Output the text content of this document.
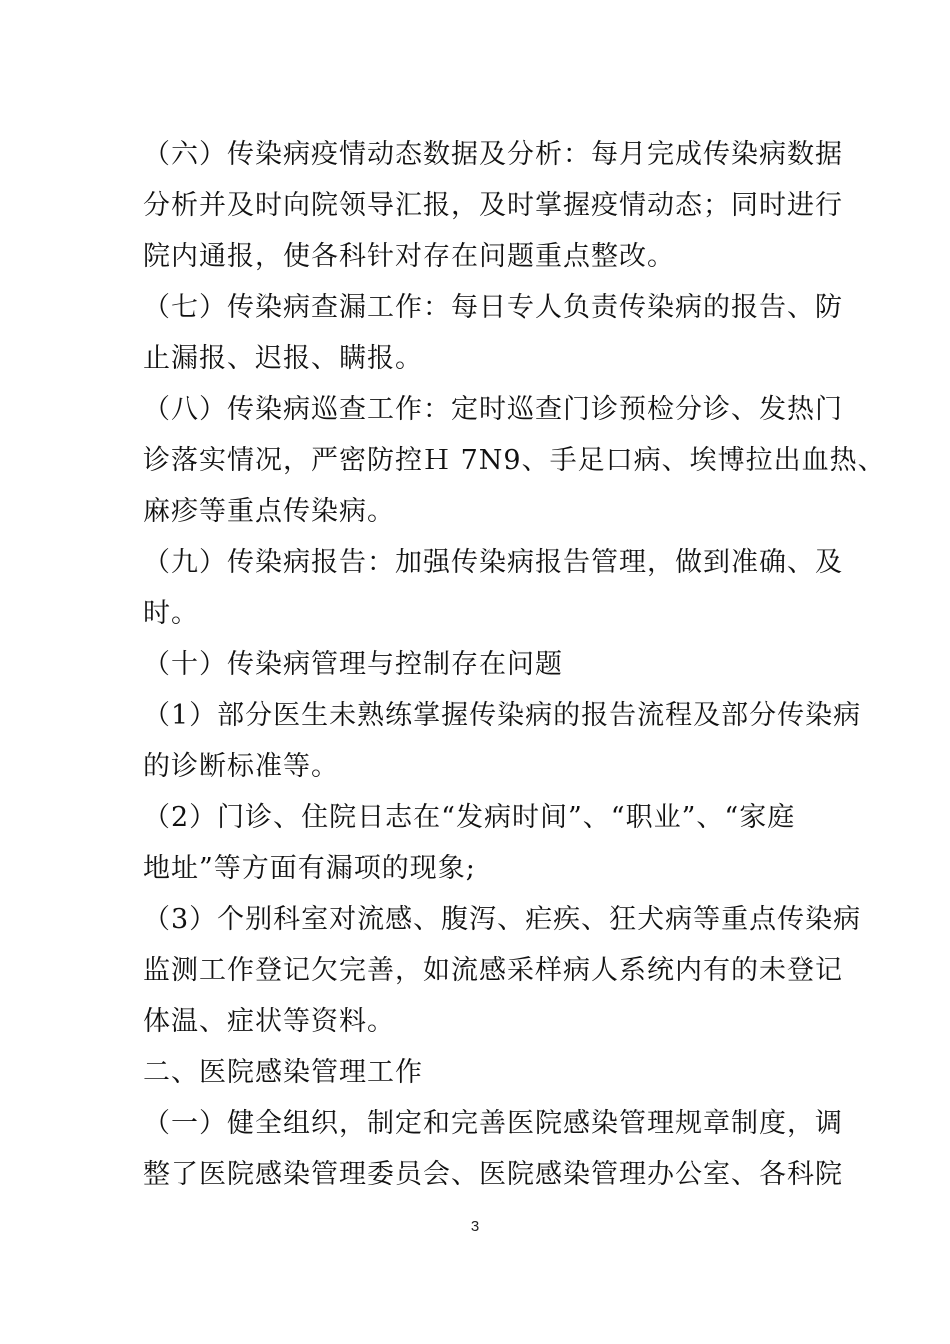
（六）传染病疫情动态数据及分析：每月完成传染病数据
分析并及时向院领导汇报，及时掌握疫情动态；同时进行
院内通报，使各科针对存在问题重点整改。
（七）传染病查漏工作：每日专人负责传染病的报告、防
止漏报、迟报、瞒报。
（八）传染病巡查工作：定时巡查门诊预检分诊、发热门
诊落实情况，严密防控Ｈ 7N9、手足口病、埃博拉出血热、
麻疹等重点传染病。
（九）传染病报告：加强传染病报告管理，做到准确、及
时。
（十）传染病管理与控制存在问题
（1）部分医生未熟练掌握传染病的报告流程及部分传染病
的诊断标准等。
（2）门诊、住院日志在“发病时间”、“职业”、“家庭
地址”等方面有漏项的现象;
（3）个别科室对流感、腹泻、疟疾、狂犬病等重点传染病
监测工作登记欠完善，如流感采样病人系统内有的未登记
体温、症状等资料。
二、医院感染管理工作
（一）健全组织，制定和完善医院感染管理规章制度，调
整了医院感染管理委员会、医院感染管理办公室、各科院
3
